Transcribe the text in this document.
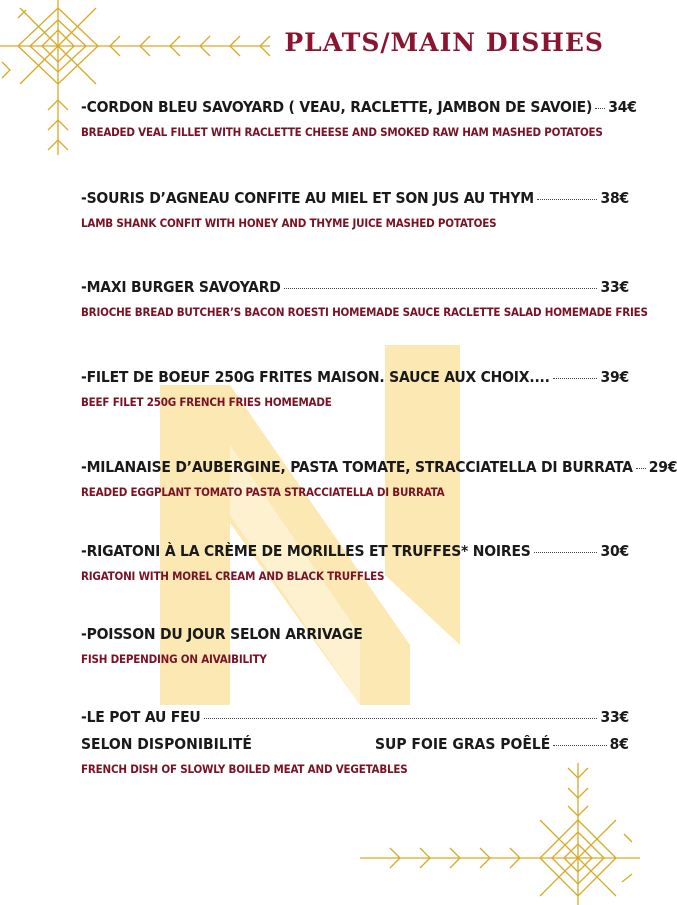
PLATS/MAIN DISHES
-CORDON BLEU SAVOYARD ( VEAU, RACLETTE, JAMBON DE SAVOIE) 34€
BREADED VEAL FILLET WITH RACLETTE CHEESE AND SMOKED RAW HAM MASHED POTATOES
-SOURIS D’AGNEAU CONFITE AU MIEL ET SON JUS AU THYM	38€
LAMB SHANK CONFIT WITH HONEY AND THYME JUICE MASHED POTATOES
-MAXI BURGER SAVOYARD	33€
BRIOCHE BREAD BUTCHER’S BACON ROESTI HOMEMADE SAUCE RACLETTE SALAD HOMEMADE FRIES
-FILET DE BOEUF 250G FRITES MAISON. SAUCE AUX CHOIX....	39€
BEEF FILET 250G FRENCH FRIES HOMEMADE
-MILANAISE D’AUBERGINE, PASTA TOMATE, STRACCIATELLA DI BURRATA 29€
READED EGGPLANT TOMATO PASTA STRACCIATELLA DI BURRATA
-RIGATONI À LA CRÈME DE MORILLES ET TRUFFES* NOIRES	30€
RIGATONI WITH MOREL CREAM AND BLACK TRUFFLES
-POISSON DU JOUR SELON ARRIVAGE
FISH DEPENDING ON AIVAIBILITY
-LE POT AU FEU	33€
SELON DISPONIBILITÉ	SUP FOIE GRAS POÊLÉ	8€
FRENCH DISH OF SLOWLY BOILED MEAT AND VEGETABLES
